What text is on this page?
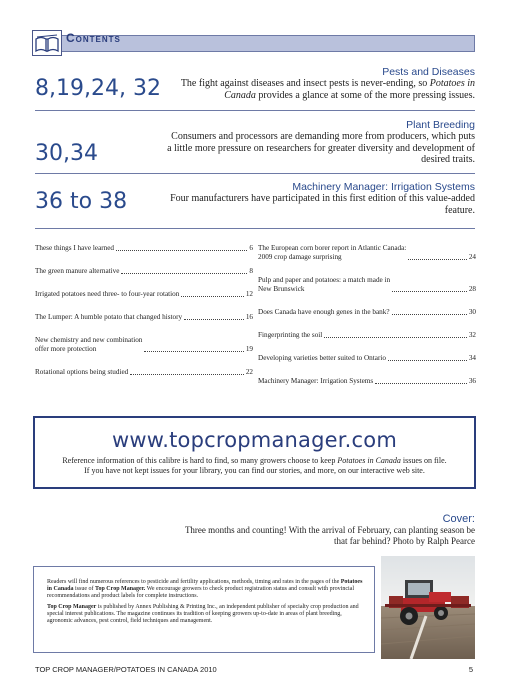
Contents
8,19,24, 32
Pests and Diseases
The fight against diseases and insect pests is never-ending, so Potatoes in Canada provides a glance at some of the more pressing issues.
30,34
Plant Breeding
Consumers and processors are demanding more from producers, which puts a little more pressure on researchers for greater diversity and development of desired traits.
36 to 38
Machinery Manager: Irrigation Systems
Four manufacturers have participated in this first edition of this value-added feature.
These things I have learned	6
The green manure alternative	8
Irrigated potatoes need three- to four-year rotation	12
The Lumper: A humble potato that changed history	16
New chemistry and new combination
offer more protection	19
Rotational options being studied	22
The European corn borer report in Atlantic Canada:
2009 crop damage surprising	24
Pulp and paper and potatoes: a match made in
New Brunswick	28
Does Canada have enough genes in the bank?	30
Fingerprinting the soil	32
Developing varieties better suited to Ontario	34
Machinery Manager: Irrigation Systems	36
www.topcropmanager.com
Reference information of this calibre is hard to find, so many growers choose to keep Potatoes in Canada issues on file.
If you have not kept issues for your library, you can find our stories, and more, on our interactive web site.
Cover:
Three months and counting! With the arrival of February, can planting season be that far behind? Photo by Ralph Pearce

Readers will find numerous references to pesticide and fertility applications, methods, timing and rates in the pages of the Potatoes in Canada issue of Top Crop Manager. We encourage growers to check product registration status and consult with provincial recommendations and product labels for complete instructions.

Top Crop Manager is published by Annex Publishing & Printing Inc., an independent publisher of specialty crop production and special interest publications. The magazine continues its tradition of keeping growers up-to-date in areas of plant breeding, agronomic advances, pest control, field techniques and management.

TOP CROP MANAGER/POTATOES IN CANADA 2010	5
